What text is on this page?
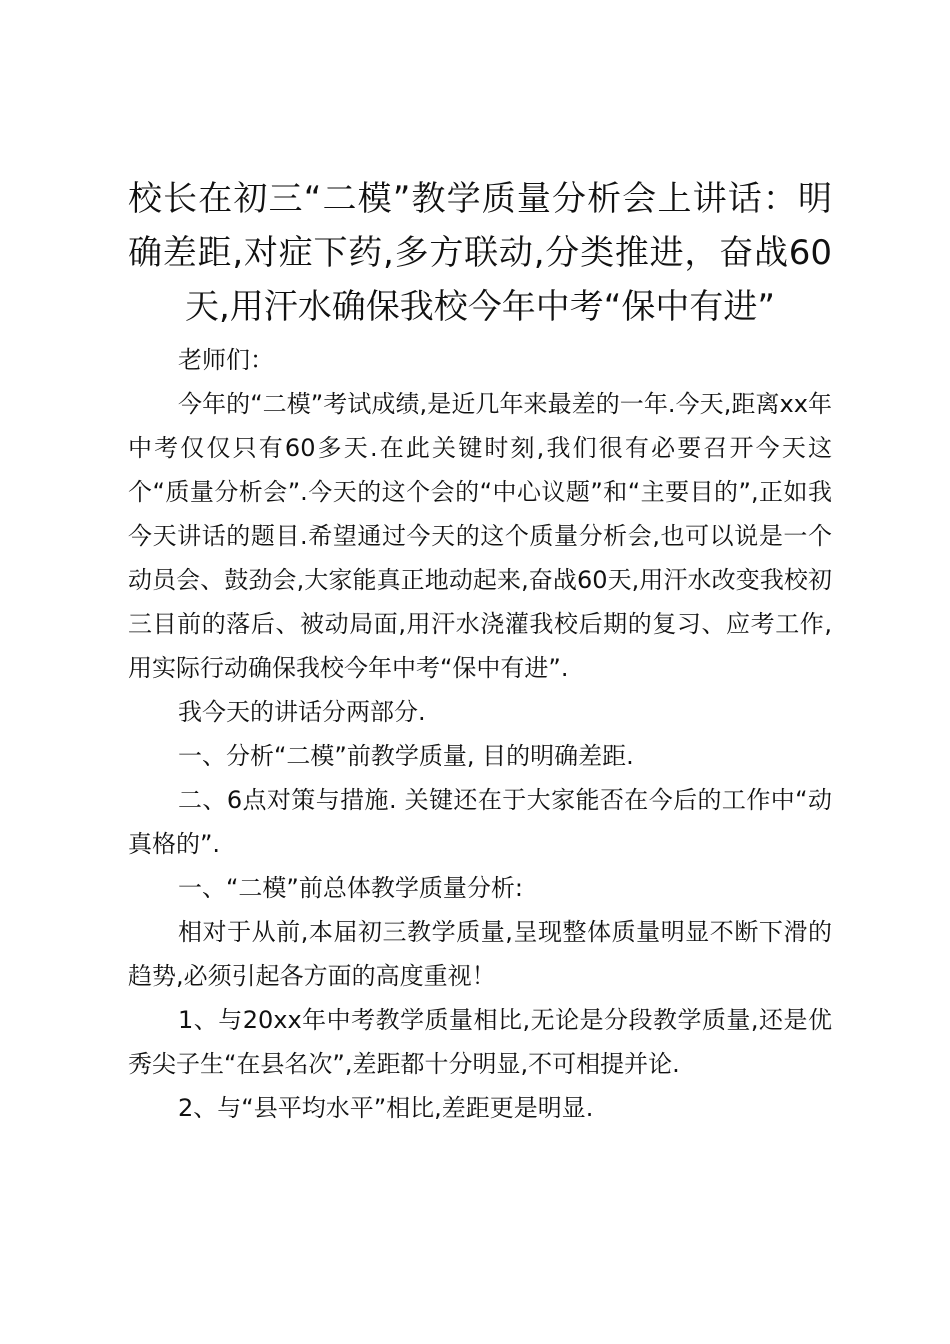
校长在初三“二模”教学质量分析会上讲话：明确差距,对症下药,多方联动,分类推进，奋战60天,用汗水确保我校今年中考“保中有进”

老师们：

今年的“二模”考试成绩,是近几年来最差的一年.今天,距离xx年中考仅仅只有60多天.在此关键时刻,我们很有必要召开今天这个“质量分析会”.今天的这个会的“中心议题”和“主要目的”,正如我今天讲话的题目.希望通过今天的这个质量分析会,也可以说是一个动员会、鼓劲会,大家能真正地动起来,奋战60天,用汗水改变我校初三目前的落后、被动局面,用汗水浇灌我校后期的复习、应考工作,用实际行动确保我校今年中考“保中有进”.

我今天的讲话分两部分.

一、分析“二模”前教学质量, 目的明确差距.

二、6点对策与措施. 关键还在于大家能否在今后的工作中“动真格的”.

一、“二模”前总体教学质量分析:

相对于从前,本届初三教学质量,呈现整体质量明显不断下滑的趋势,必须引起各方面的高度重视！

1、与20xx年中考教学质量相比,无论是分段教学质量,还是优秀尖子生“在县名次”,差距都十分明显,不可相提并论.

2、与“县平均水平”相比,差距更是明显.
